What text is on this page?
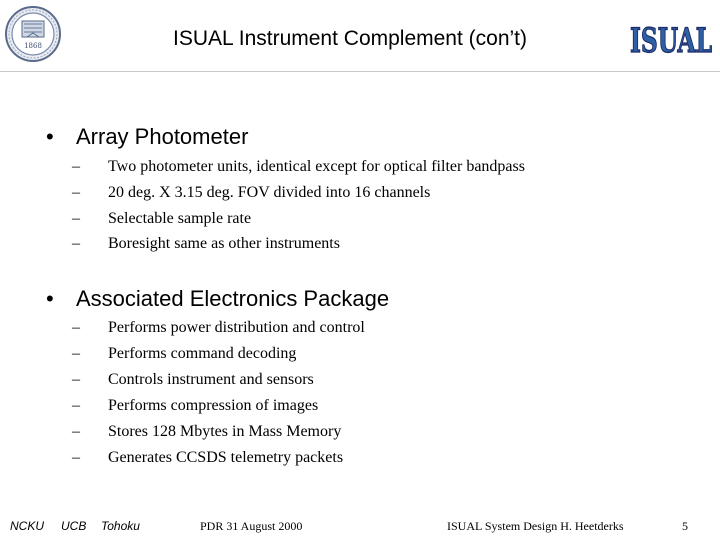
1868	ISUAL Instrument Complement (con’t)	ISUAL
• Array Photometer
– Two photometer units, identical except for optical filter bandpass
– 20 deg. X 3.15 deg. FOV divided into 16 channels
– Selectable sample rate
– Boresight same as other instruments
• Associated Electronics Package
– Performs power distribution and control
– Performs command decoding
– Controls instrument and sensors
– Performs compression of images
– Stores 128 Mbytes in Mass Memory
– Generates CCSDS telemetry packets
NCKU UCB Tohoku	PDR 31 August 2000	ISUAL System Design H. Heetderks	5
